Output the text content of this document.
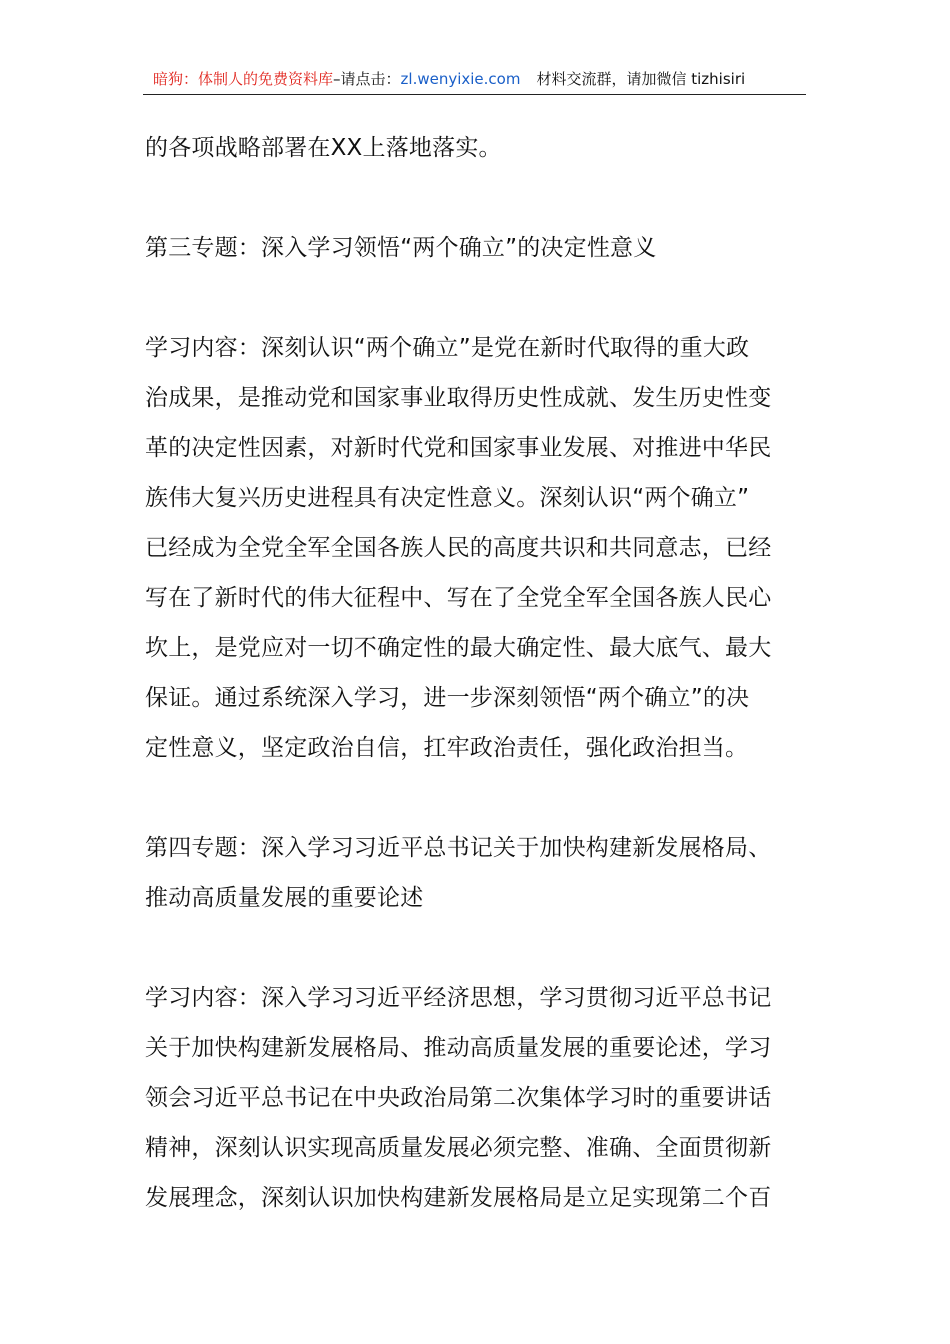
暗狗：体制人的免费资料库–请点击：zl.wenyixie.com 材料交流群，请加微信 tizhisiri

的各项战略部署在XX上落地落实。

第三专题：深入学习领悟“两个确立”的决定性意义

学习内容：深刻认识“两个确立”是党在新时代取得的重大政
治成果，是推动党和国家事业取得历史性成就、发生历史性变
革的决定性因素，对新时代党和国家事业发展、对推进中华民
族伟大复兴历史进程具有决定性意义。深刻认识“两个确立”
已经成为全党全军全国各族人民的高度共识和共同意志，已经
写在了新时代的伟大征程中、写在了全党全军全国各族人民心
坎上，是党应对一切不确定性的最大确定性、最大底气、最大
保证。通过系统深入学习，进一步深刻领悟“两个确立”的决
定性意义，坚定政治自信，扛牢政治责任，强化政治担当。

第四专题：深入学习习近平总书记关于加快构建新发展格局、
推动高质量发展的重要论述

学习内容：深入学习习近平经济思想，学习贯彻习近平总书记
关于加快构建新发展格局、推动高质量发展的重要论述，学习
领会习近平总书记在中央政治局第二次集体学习时的重要讲话
精神，深刻认识实现高质量发展必须完整、准确、全面贯彻新
发展理念，深刻认识加快构建新发展格局是立足实现第二个百
